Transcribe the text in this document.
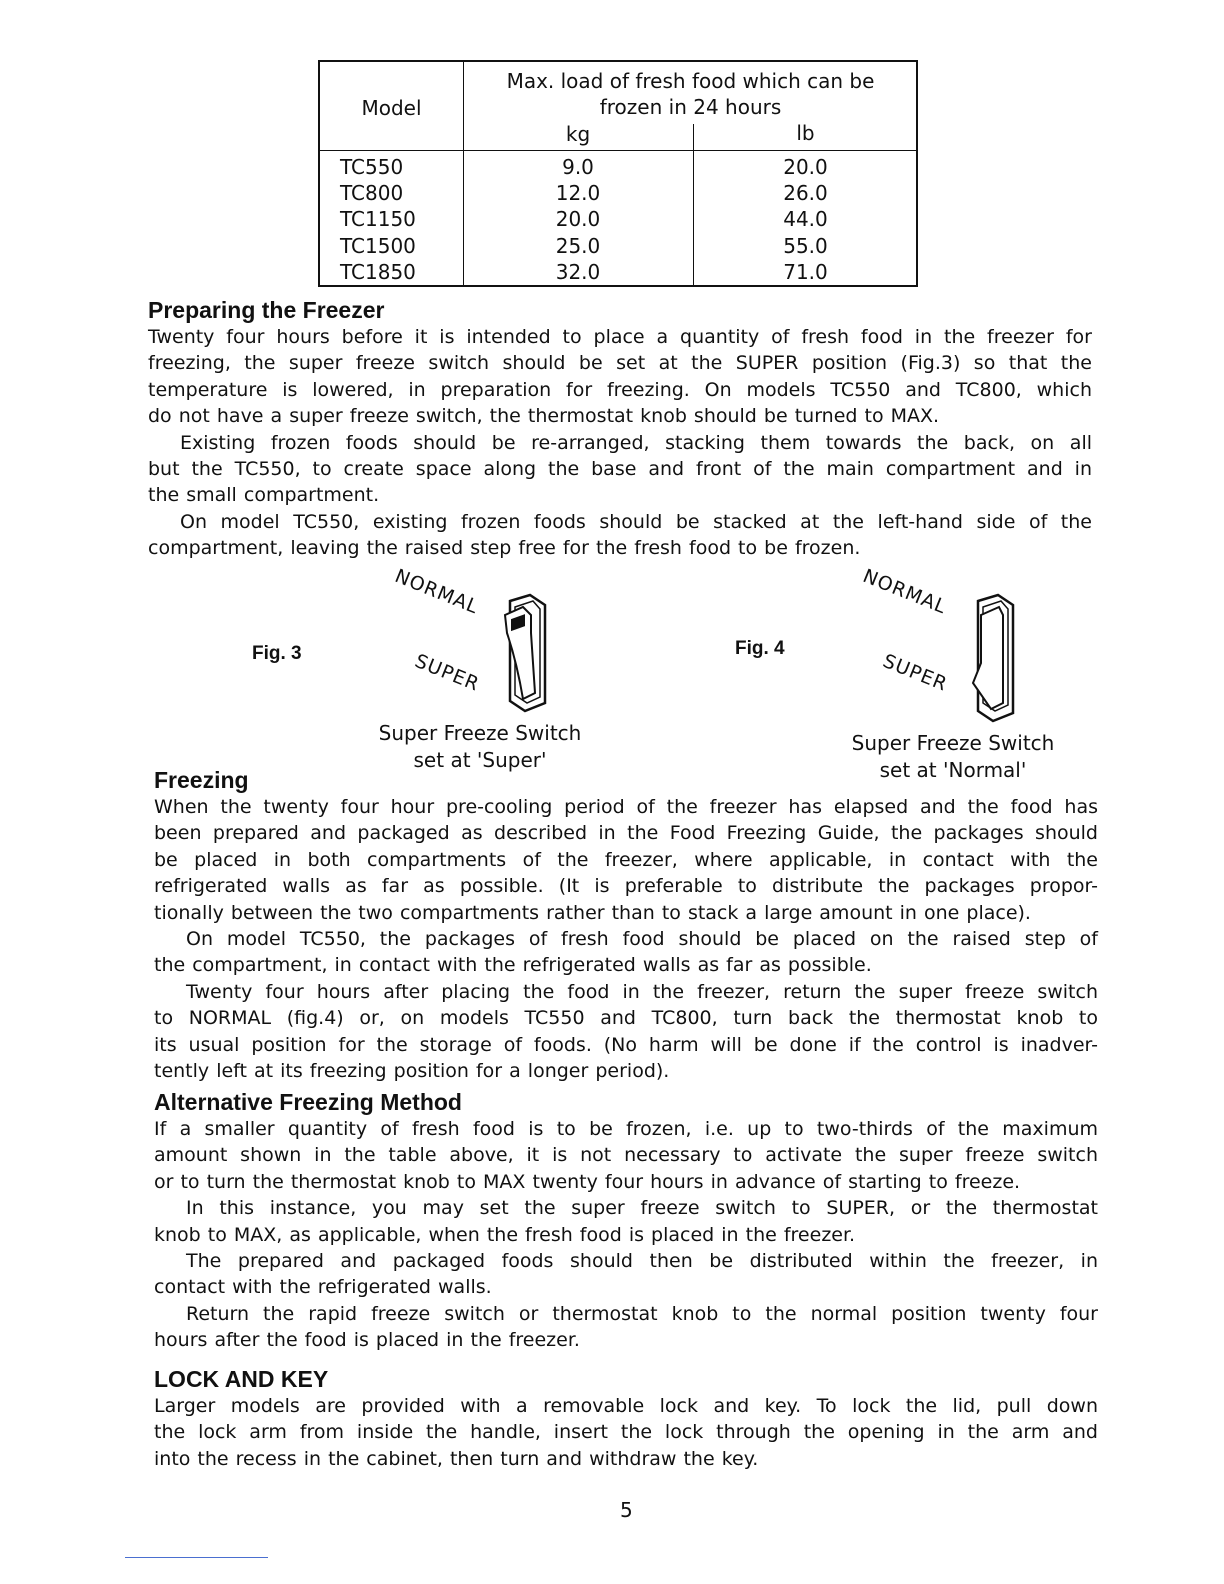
Model
Max. load of fresh food which can be
frozen in 24 hours
kg	lb
TC550	9.0	20.0
TC800	12.0	26.0
TC1150	20.0	44.0
TC1500	25.0	55.0
TC1850	32.0	71.0
Preparing the Freezer
Twenty four hours before it is intended to place a quantity of fresh food in the freezer for
freezing, the super freeze switch should be set at the SUPER position (Fig.3) so that the
temperature is lowered, in preparation for freezing. On models TC550 and TC800, which
do not have a super freeze switch, the thermostat knob should be turned to MAX.
Existing frozen foods should be re-arranged, stacking them towards the back, on all
but the TC550, to create space along the base and front of the main compartment and in
the small compartment.
On model TC550, existing frozen foods should be stacked at the left-hand side of the
compartment, leaving the raised step free for the fresh food to be frozen.
Freezing
When the twenty four hour pre-cooling period of the freezer has elapsed and the food has
been prepared and packaged as described in the Food Freezing Guide, the packages should
be placed in both compartments of the freezer, where applicable, in contact with the
refrigerated walls as far as possible. (It is preferable to distribute the packages propor-
tionally between the two compartments rather than to stack a large amount in one place).
On model TC550, the packages of fresh food should be placed on the raised step of
the compartment, in contact with the refrigerated walls as far as possible.
Twenty four hours after placing the food in the freezer, return the super freeze switch
to NORMAL (fig.4) or, on models TC550 and TC800, turn back the thermostat knob to
its usual position for the storage of foods. (No harm will be done if the control is inadver-
tently left at its freezing position for a longer period).
Alternative Freezing Method
If a smaller quantity of fresh food is to be frozen, i.e. up to two-thirds of the maximum
amount shown in the table above, it is not necessary to activate the super freeze switch
or to turn the thermostat knob to MAX twenty four hours in advance of starting to freeze.
In this instance, you may set the super freeze switch to SUPER, or the thermostat
knob to MAX, as applicable, when the fresh food is placed in the freezer.
The prepared and packaged foods should then be distributed within the freezer, in
contact with the refrigerated walls.
Return the rapid freeze switch or thermostat knob to the normal position twenty four
hours after the food is placed in the freezer.
LOCK AND KEY
Larger models are provided with a removable lock and key. To lock the lid, pull down
the lock arm from inside the handle, insert the lock through the opening in the arm and
into the recess in the cabinet, then turn and withdraw the key.
Fig. 3
NORMAL
SUPER
Super Freeze Switch
set at 'Super'
Fig. 4
NORMAL
SUPER
Super Freeze Switch
set at 'Normal'
5
